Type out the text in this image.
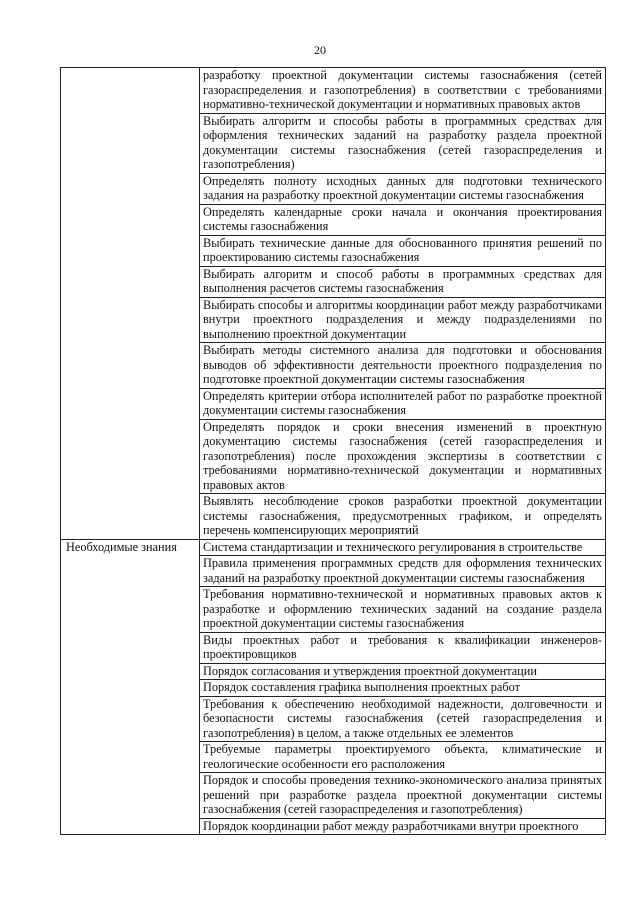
20
	разработку проектной документации системы газоснабжения (сетей газораспределения и газопотребления) в соответствии с требованиями нормативно-технической документации и нормативных правовых актов
	Выбирать алгоритм и способы работы в программных средствах для оформления технических заданий на разработку раздела проектной документации системы газоснабжения (сетей газораспределения и газопотребления)
	Определять полноту исходных данных для подготовки технического задания на разработку проектной документации системы газоснабжения
	Определять календарные сроки начала и окончания проектирования системы газоснабжения
	Выбирать технические данные для обоснованного принятия решений по проектированию системы газоснабжения
	Выбирать алгоритм и способ работы в программных средствах для выполнения расчетов системы газоснабжения
	Выбирать способы и алгоритмы координации работ между разработчиками внутри проектного подразделения и между подразделениями по выполнению проектной документации
	Выбирать методы системного анализа для подготовки и обоснования выводов об эффективности деятельности проектного подразделения по подготовке проектной документации системы газоснабжения
	Определять критерии отбора исполнителей работ по разработке проектной документации системы газоснабжения
	Определять порядок и сроки внесения изменений в проектную документацию системы газоснабжения (сетей газораспределения и газопотребления) после прохождения экспертизы в соответствии с требованиями нормативно-технической документации и нормативных правовых актов
	Выявлять несоблюдение сроков разработки проектной документации системы газоснабжения, предусмотренных графиком, и определять перечень компенсирующих мероприятий
Необходимые знания	Система стандартизации и технического регулирования в строительстве
	Правила применения программных средств для оформления технических заданий на разработку проектной документации системы газоснабжения
	Требования нормативно-технической и нормативных правовых актов к разработке и оформлению технических заданий на создание раздела проектной документации системы газоснабжения
	Виды проектных работ и требования к квалификации инженеров-проектировщиков
	Порядок согласования и утверждения проектной документации
	Порядок составления графика выполнения проектных работ
	Требования к обеспечению необходимой надежности, долговечности и безопасности системы газоснабжения (сетей газораспределения и газопотребления) в целом, а также отдельных ее элементов
	Требуемые параметры проектируемого объекта, климатические и геологические особенности его расположения
	Порядок и способы проведения технико-экономического анализа принятых решений при разработке раздела проектной документации системы газоснабжения (сетей газораспределения и газопотребления)
	Порядок координации работ между разработчиками внутри проектного
